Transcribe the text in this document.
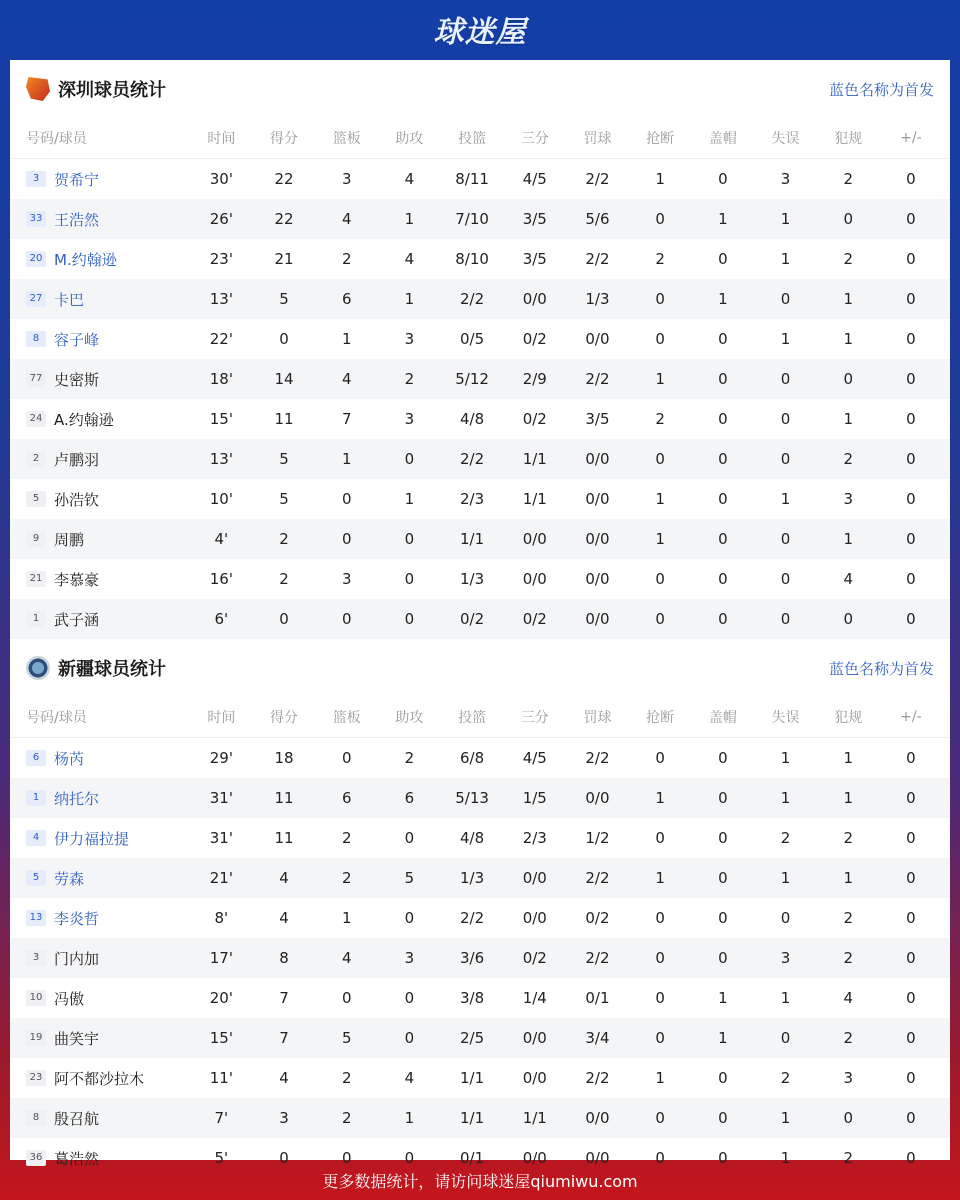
球迷屋
深圳球员统计	蓝色名称为首发
号码/球员	时间	得分	篮板	助攻	投篮	三分	罚球	抢断	盖帽	失误	犯规	+/-
3 贺希宁	30'	22	3	4	8/11	4/5	2/2	1	0	3	2	0
33 王浩然	26'	22	4	1	7/10	3/5	5/6	0	1	1	0	0
20 M.约翰逊	23'	21	2	4	8/10	3/5	2/2	2	0	1	2	0
27 卡巴	13'	5	6	1	2/2	0/0	1/3	0	1	0	1	0
8 容子峰	22'	0	1	3	0/5	0/2	0/0	0	0	1	1	0
77 史密斯	18'	14	4	2	5/12	2/9	2/2	1	0	0	0	0
24 A.约翰逊	15'	11	7	3	4/8	0/2	3/5	2	0	0	1	0
2 卢鹏羽	13'	5	1	0	2/2	1/1	0/0	0	0	0	2	0
5 孙浩钦	10'	5	0	1	2/3	1/1	0/0	1	0	1	3	0
9 周鹏	4'	2	0	0	1/1	0/0	0/0	1	0	0	1	0
21 李慕豪	16'	2	3	0	1/3	0/0	0/0	0	0	0	4	0
1 武子涵	6'	0	0	0	0/2	0/2	0/0	0	0	0	0	0
新疆球员统计	蓝色名称为首发
号码/球员	时间	得分	篮板	助攻	投篮	三分	罚球	抢断	盖帽	失误	犯规	+/-
6 杨芮	29'	18	0	2	6/8	4/5	2/2	0	0	1	1	0
1 纳托尔	31'	11	6	6	5/13	1/5	0/0	1	0	1	1	0
4 伊力福拉提	31'	11	2	0	4/8	2/3	1/2	0	0	2	2	0
5 劳森	21'	4	2	5	1/3	0/0	2/2	1	0	1	1	0
13 李炎哲	8'	4	1	0	2/2	0/0	0/2	0	0	0	2	0
3 门内加	17'	8	4	3	3/6	0/2	2/2	0	0	3	2	0
10 冯傲	20'	7	0	0	3/8	1/4	0/1	0	1	1	4	0
19 曲笑宇	15'	7	5	0	2/5	0/0	3/4	0	1	0	2	0
23 阿不都沙拉木	11'	4	2	4	1/1	0/0	2/2	1	0	2	3	0
8 殷召航	7'	3	2	1	1/1	1/1	0/0	0	0	1	0	0
36 葛浩然	5'	0	0	0	0/1	0/0	0/0	0	0	1	2	0
更多数据统计，请访问球迷屋qiumiwu.com
